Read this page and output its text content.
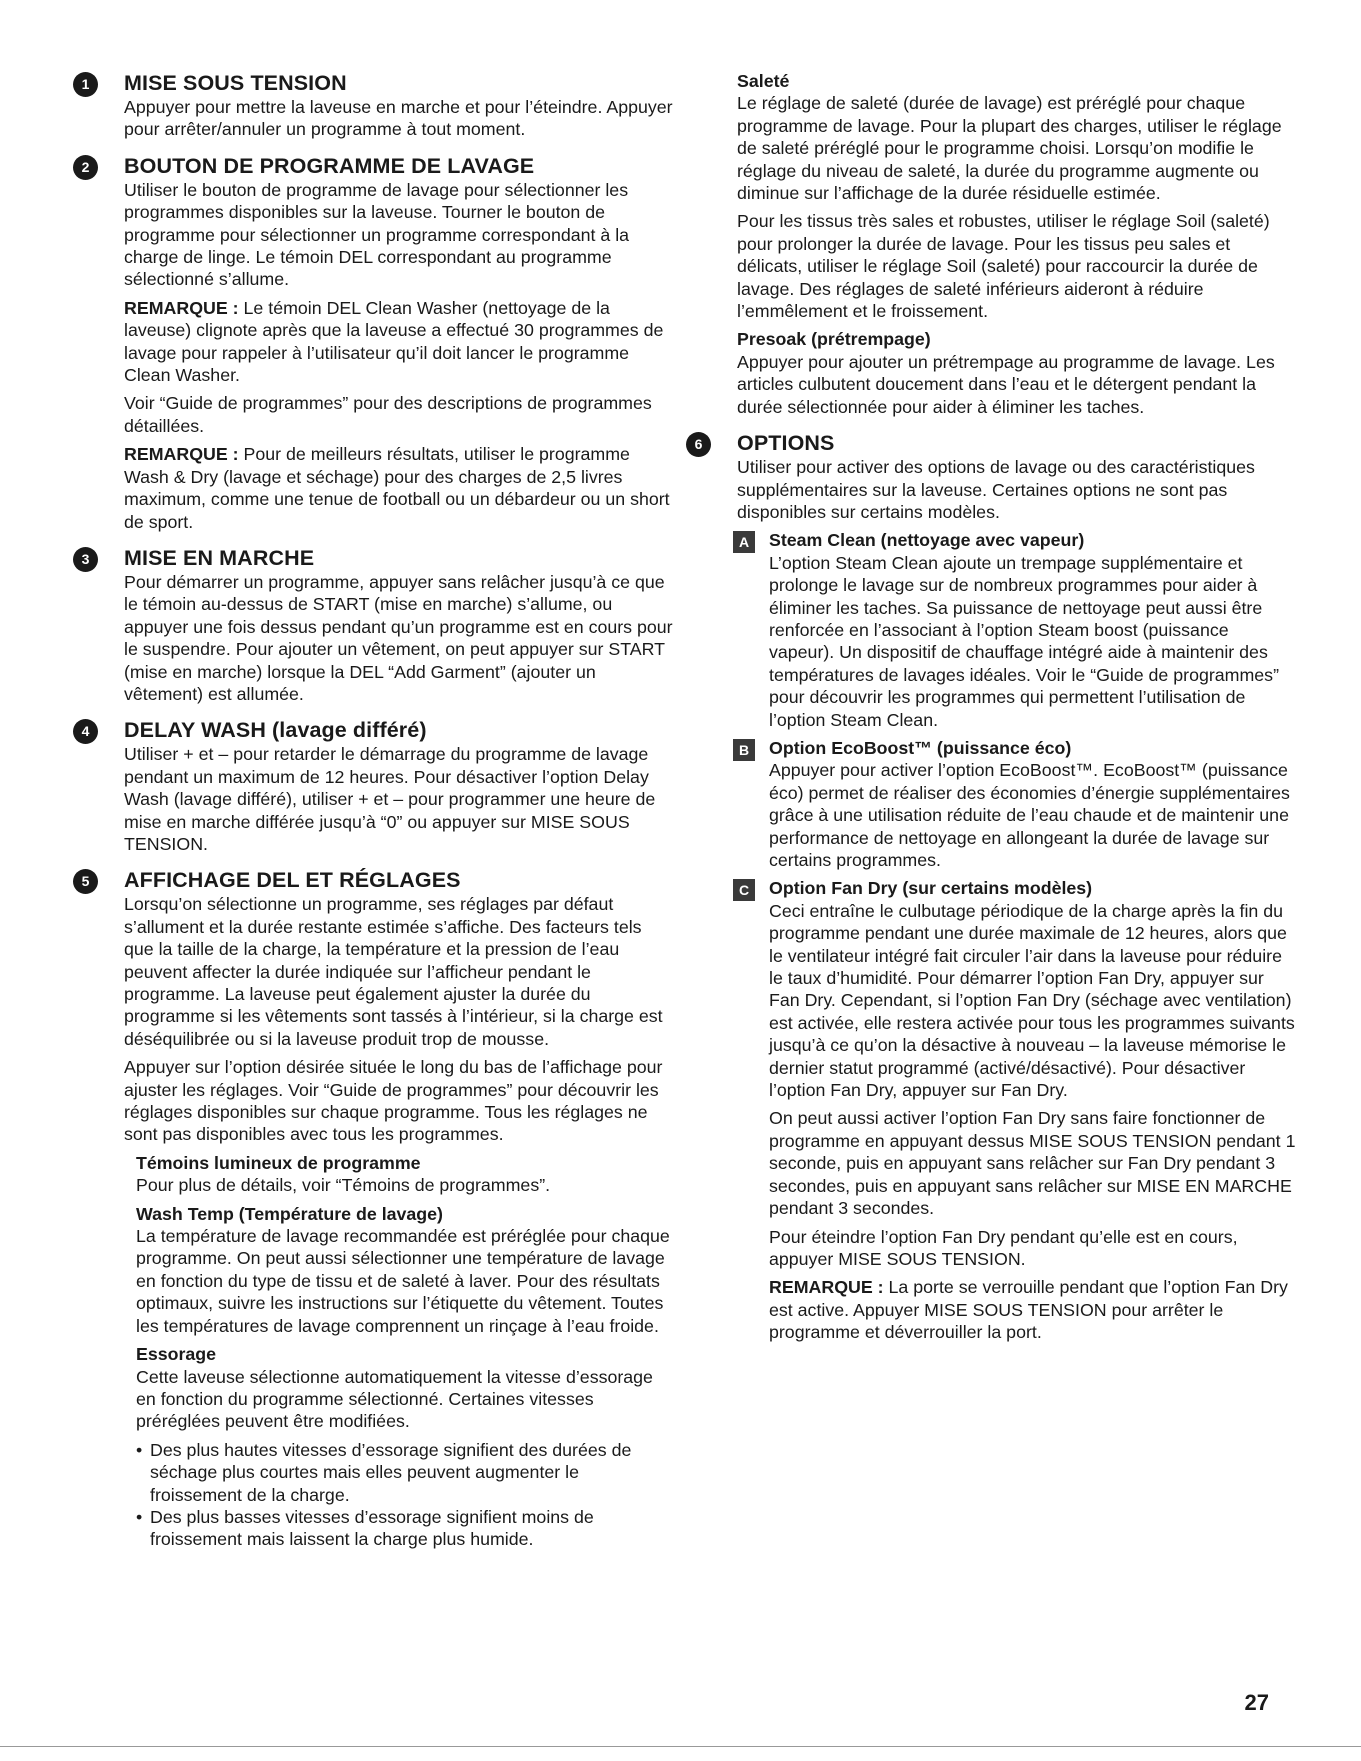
1	MISE SOUS TENSION

Appuyer pour mettre la laveuse en marche et pour l’éteindre. Appuyer pour arrêter/annuler un programme à tout moment.

2	BOUTON DE PROGRAMME DE LAVAGE

Utiliser le bouton de programme de lavage pour sélectionner les programmes disponibles sur la laveuse. Tourner le bouton de programme pour sélectionner un programme correspondant à la charge de linge. Le témoin DEL correspondant au programme sélectionné s’allume.

REMARQUE : Le témoin DEL Clean Washer (nettoyage de la laveuse) clignote après que la laveuse a effectué 30 programmes de lavage pour rappeler à l’utilisateur qu’il doit lancer le programme Clean Washer.

Voir “Guide de programmes” pour des descriptions de programmes détaillées.

REMARQUE : Pour de meilleurs résultats, utiliser le programme Wash & Dry (lavage et séchage) pour des charges de 2,5 livres maximum, comme une tenue de football ou un débardeur ou un short de sport.

3	MISE EN MARCHE

Pour démarrer un programme, appuyer sans relâcher jusqu’à ce que le témoin au-dessus de START (mise en marche) s’allume, ou appuyer une fois dessus pendant qu’un programme est en cours pour le suspendre. Pour ajouter un vêtement, on peut appuyer sur START (mise en marche) lorsque la DEL “Add Garment” (ajouter un vêtement) est allumée.

4	DELAY WASH (lavage différé)

Utiliser + et – pour retarder le démarrage du programme de lavage pendant un maximum de 12 heures. Pour désactiver l’option Delay Wash (lavage différé), utiliser + et – pour programmer une heure de mise en marche différée jusqu’à “0” ou appuyer sur MISE SOUS TENSION.

5	AFFICHAGE DEL ET RÉGLAGES

Lorsqu’on sélectionne un programme, ses réglages par défaut s’allument et la durée restante estimée s’affiche. Des facteurs tels que la taille de la charge, la température et la pression de l’eau peuvent affecter la durée indiquée sur l’afficheur pendant le programme. La laveuse peut également ajuster la durée du programme si les vêtements sont tassés à l’intérieur, si la charge est déséquilibrée ou si la laveuse produit trop de mousse.

Appuyer sur l’option désirée située le long du bas de l’affichage pour ajuster les réglages. Voir “Guide de programmes” pour découvrir les réglages disponibles sur chaque programme. Tous les réglages ne sont pas disponibles avec tous les programmes.

Témoins lumineux de programme

Pour plus de détails, voir “Témoins de programmes”.

Wash Temp (Température de lavage)

La température de lavage recommandée est préréglée pour chaque programme. On peut aussi sélectionner une température de lavage en fonction du type de tissu et de saleté à laver. Pour des résultats optimaux, suivre les instructions sur l’étiquette du vêtement. Toutes les températures de lavage comprennent un rinçage à l’eau froide.

Essorage

Cette laveuse sélectionne automatiquement la vitesse d’essorage en fonction du programme sélectionné. Certaines vitesses préréglées peuvent être modifiées.

• Des plus hautes vitesses d’essorage signifient des durées de séchage plus courtes mais elles peuvent augmenter le froissement de la charge.
• Des plus basses vitesses d’essorage signifient moins de froissement mais laissent la charge plus humide.
Saleté

Le réglage de saleté (durée de lavage) est préréglé pour chaque programme de lavage. Pour la plupart des charges, utiliser le réglage de saleté préréglé pour le programme choisi. Lorsqu’on modifie le réglage du niveau de saleté, la durée du programme augmente ou diminue sur l’affichage de la durée résiduelle estimée.

Pour les tissus très sales et robustes, utiliser le réglage Soil (saleté) pour prolonger la durée de lavage. Pour les tissus peu sales et délicats, utiliser le réglage Soil (saleté) pour raccourcir la durée de lavage. Des réglages de saleté inférieurs aideront à réduire l’emmêlement et le froissement.

Presoak (prétrempage)

Appuyer pour ajouter un prétrempage au programme de lavage. Les articles culbutent doucement dans l’eau et le détergent pendant la durée sélectionnée pour aider à éliminer les taches.

6	OPTIONS

Utiliser pour activer des options de lavage ou des caractéristiques supplémentaires sur la laveuse. Certaines options ne sont pas disponibles sur certains modèles.

A	Steam Clean (nettoyage avec vapeur)

L’option Steam Clean ajoute un trempage supplémentaire et prolonge le lavage sur de nombreux programmes pour aider à éliminer les taches. Sa puissance de nettoyage peut aussi être renforcée en l’associant à l’option Steam boost (puissance vapeur). Un dispositif de chauffage intégré aide à maintenir des températures de lavages idéales. Voir le “Guide de programmes” pour découvrir les programmes qui permettent l’utilisation de l’option Steam Clean.

B	Option EcoBoost™ (puissance éco)

Appuyer pour activer l’option EcoBoost™. EcoBoost™ (puissance éco) permet de réaliser des économies d’énergie supplémentaires grâce à une utilisation réduite de l’eau chaude et de maintenir une performance de nettoyage en allongeant la durée de lavage sur certains programmes.

C	Option Fan Dry (sur certains modèles)

Ceci entraîne le culbutage périodique de la charge après la fin du programme pendant une durée maximale de 12 heures, alors que le ventilateur intégré fait circuler l’air dans la laveuse pour réduire le taux d’humidité. Pour démarrer l’option Fan Dry, appuyer sur Fan Dry. Cependant, si l’option Fan Dry (séchage avec ventilation) est activée, elle restera activée pour tous les programmes suivants jusqu’à ce qu’on la désactive à nouveau – la laveuse mémorise le dernier statut programmé (activé/désactivé). Pour désactiver l’option Fan Dry, appuyer sur Fan Dry.

On peut aussi activer l’option Fan Dry sans faire fonctionner de programme en appuyant dessus MISE SOUS TENSION pendant 1 seconde, puis en appuyant sans relâcher sur Fan Dry pendant 3 secondes, puis en appuyant sans relâcher sur MISE EN MARCHE pendant 3 secondes.

Pour éteindre l’option Fan Dry pendant qu’elle est en cours, appuyer MISE SOUS TENSION.

REMARQUE : La porte se verrouille pendant que l’option Fan Dry est active. Appuyer MISE SOUS TENSION pour arrêter le programme et déverrouiller la port.

27
